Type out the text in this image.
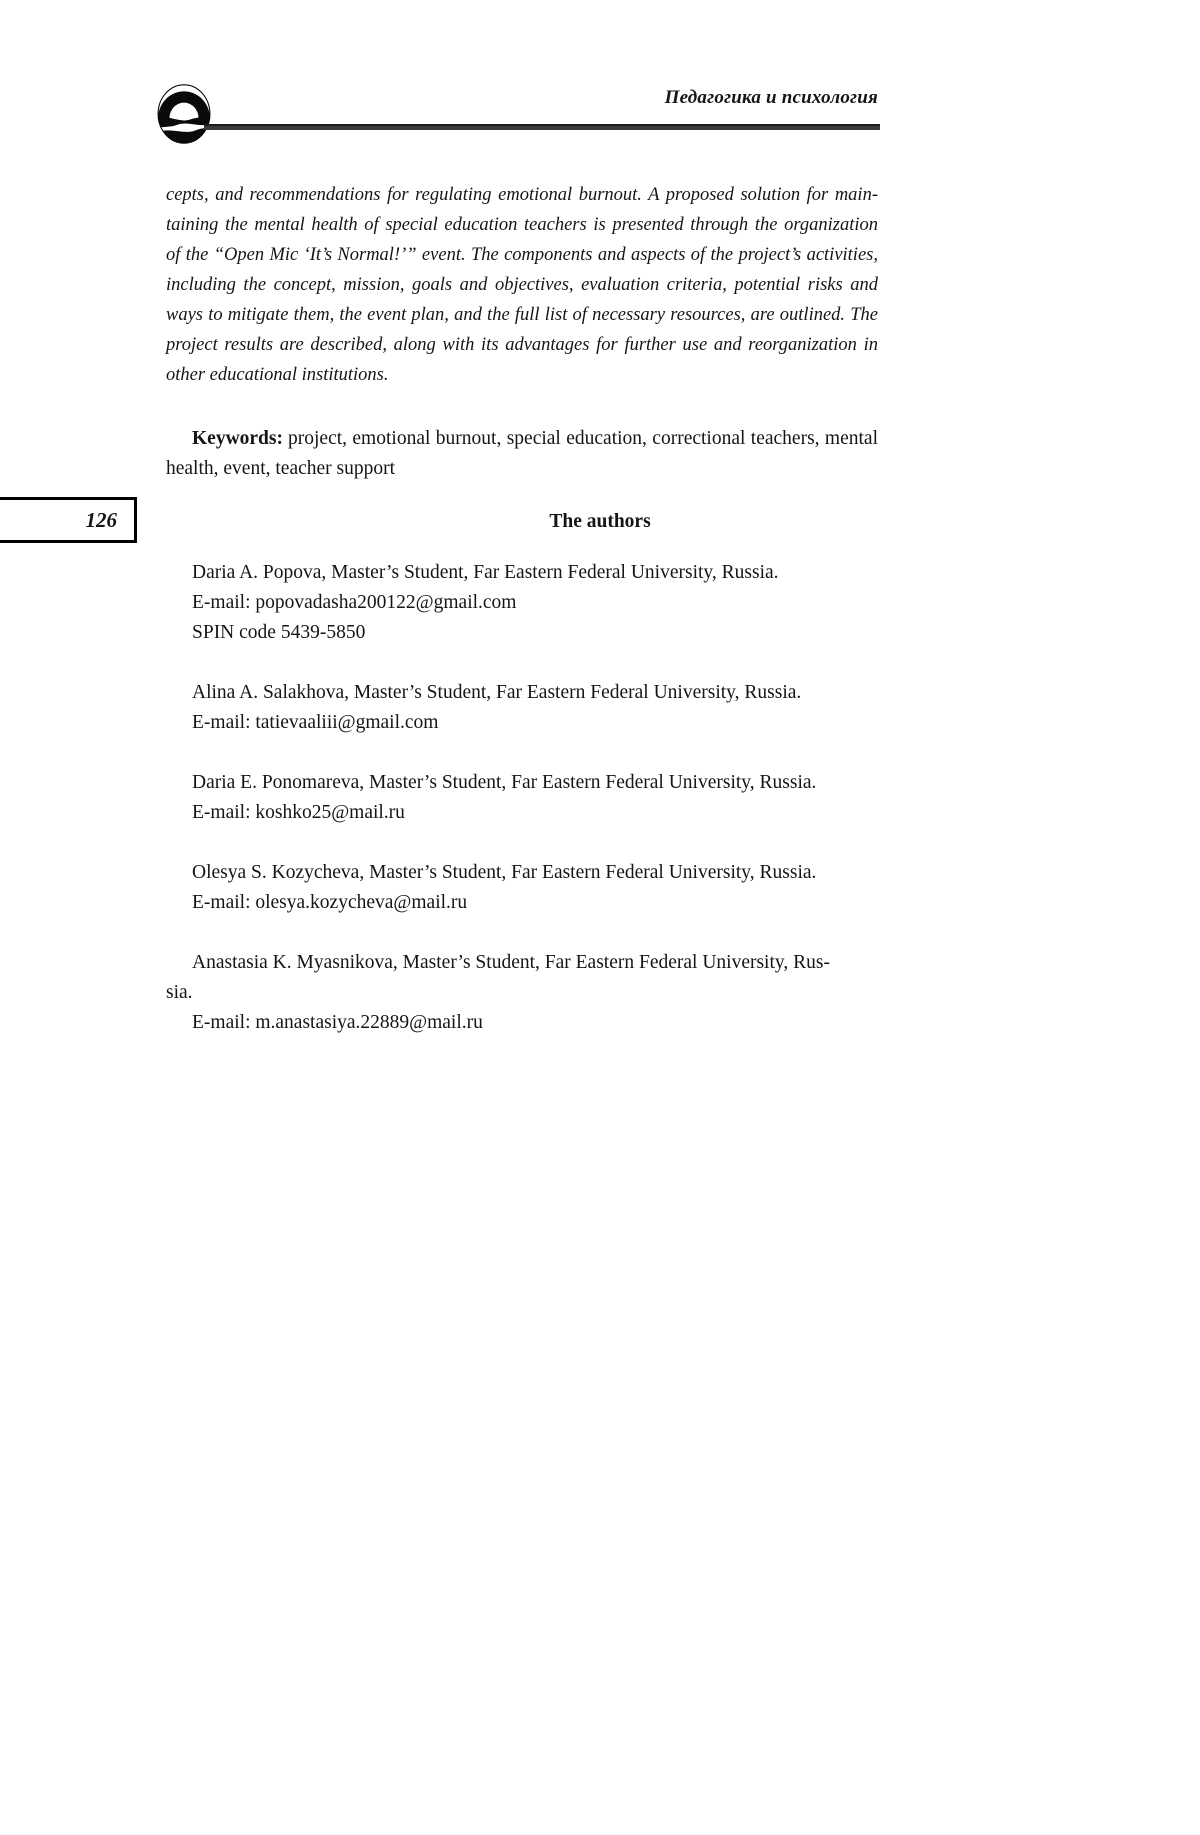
Педагогика и психология
cepts, and recommendations for regulating emotional burnout. A proposed solution for main-
taining the mental health of special education teachers is presented through the organization
of the “Open Mic ‘It’s Normal!’” event. The components and aspects of the project’s activities,
including the concept, mission, goals and objectives, evaluation criteria, potential risks and
ways to mitigate them, the event plan, and the full list of necessary resources, are outlined. The
project results are described, along with its advantages for further use and reorganization in
other educational institutions.

Keywords: project, emotional burnout, special education, correctional teachers, mental health, event, teacher support

126	The authors
Daria A. Popova, Master’s Student, Far Eastern Federal University, Russia.
E-mail: popovadasha200122@gmail.com
SPIN code 5439-5850
Alina A. Salakhova, Master’s Student, Far Eastern Federal University, Russia.
E-mail: tatievaaliii@gmail.com
Daria E. Ponomareva, Master’s Student, Far Eastern Federal University, Russia.
E-mail: koshko25@mail.ru
Olesya S. Kozycheva, Master’s Student, Far Eastern Federal University, Russia.
E-mail: olesya.kozycheva@mail.ru
Anastasia K. Myasnikova, Master’s Student, Far Eastern Federal University, Rus-
sia.
E-mail: m.anastasiya.22889@mail.ru
